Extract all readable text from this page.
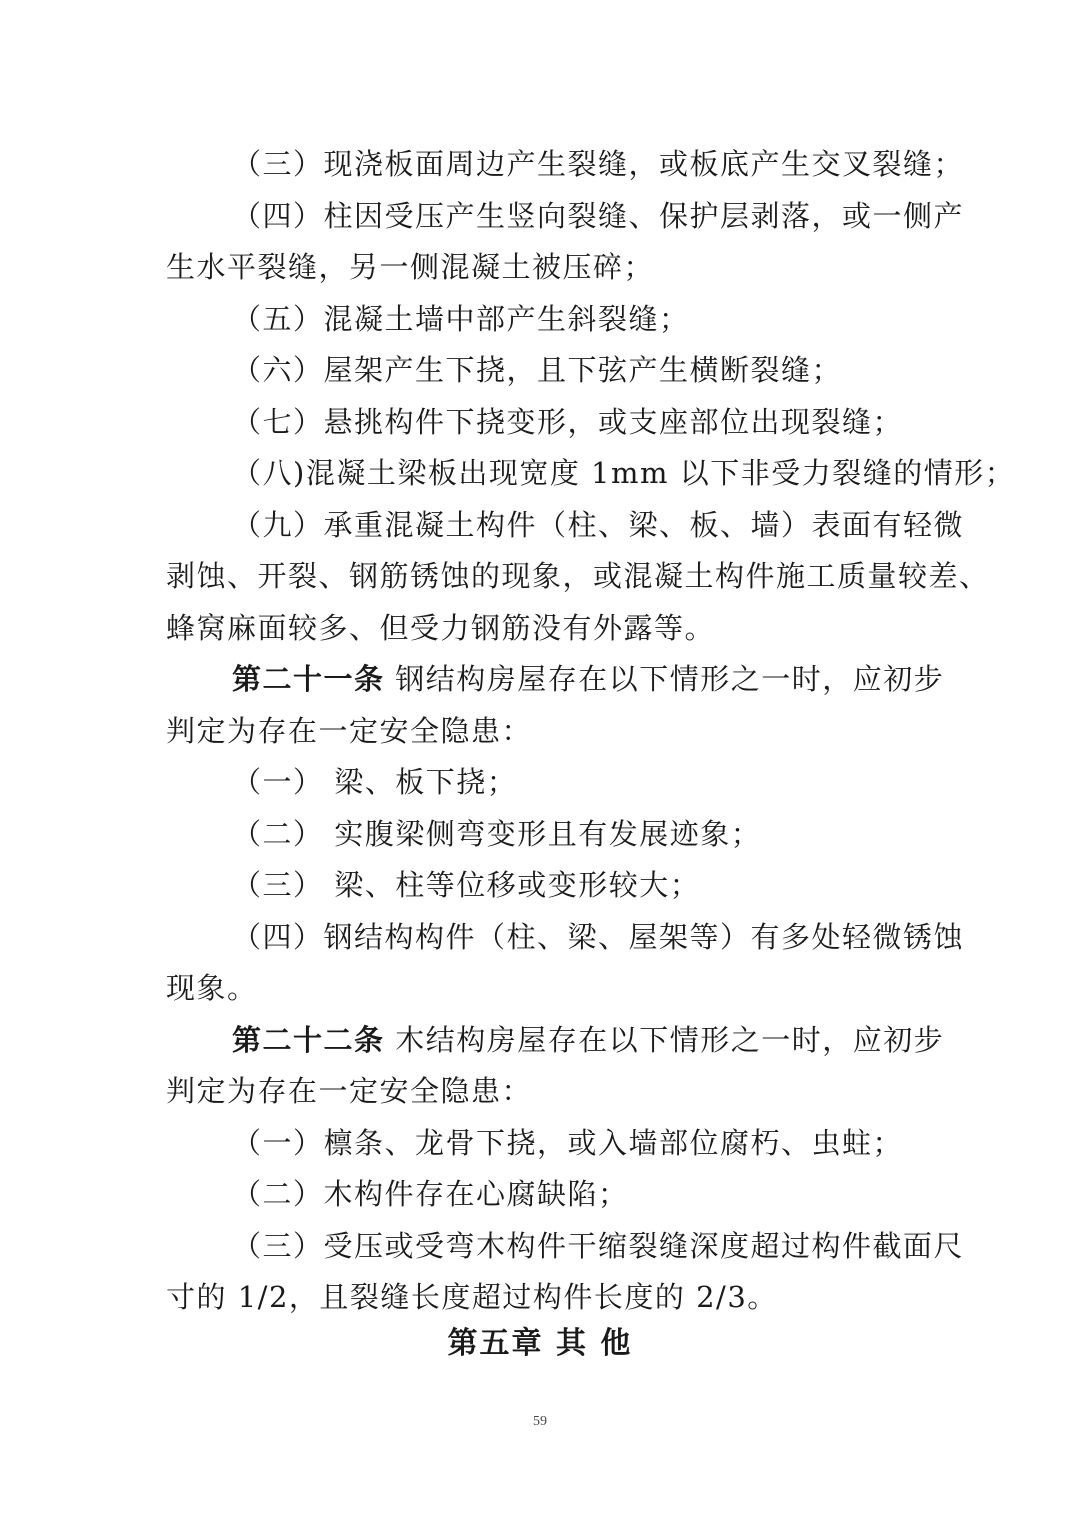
（三）现浇板面周边产生裂缝，或板底产生交叉裂缝；
（四）柱因受压产生竖向裂缝、保护层剥落，或一侧产
生水平裂缝，另一侧混凝土被压碎；
（五）混凝土墙中部产生斜裂缝；
（六）屋架产生下挠，且下弦产生横断裂缝；
（七）悬挑构件下挠变形，或支座部位出现裂缝；
（八)混凝土梁板出现宽度 1mm 以下非受力裂缝的情形；
（九）承重混凝土构件（柱、梁、板、墙）表面有轻微
剥蚀、开裂、钢筋锈蚀的现象，或混凝土构件施工质量较差、
蜂窝麻面较多、但受力钢筋没有外露等。
第二十一条 钢结构房屋存在以下情形之一时，应初步
判定为存在一定安全隐患：
（一） 梁、板下挠；
（二） 实腹梁侧弯变形且有发展迹象；
（三） 梁、柱等位移或变形较大；
（四）钢结构构件（柱、梁、屋架等）有多处轻微锈蚀
现象。
第二十二条 木结构房屋存在以下情形之一时，应初步
判定为存在一定安全隐患：
（一）檩条、龙骨下挠，或入墙部位腐朽、虫蛀；
（二）木构件存在心腐缺陷；
（三）受压或受弯木构件干缩裂缝深度超过构件截面尺
寸的 1/2，且裂缝长度超过构件长度的 2/3。
第五章 其 他
59
